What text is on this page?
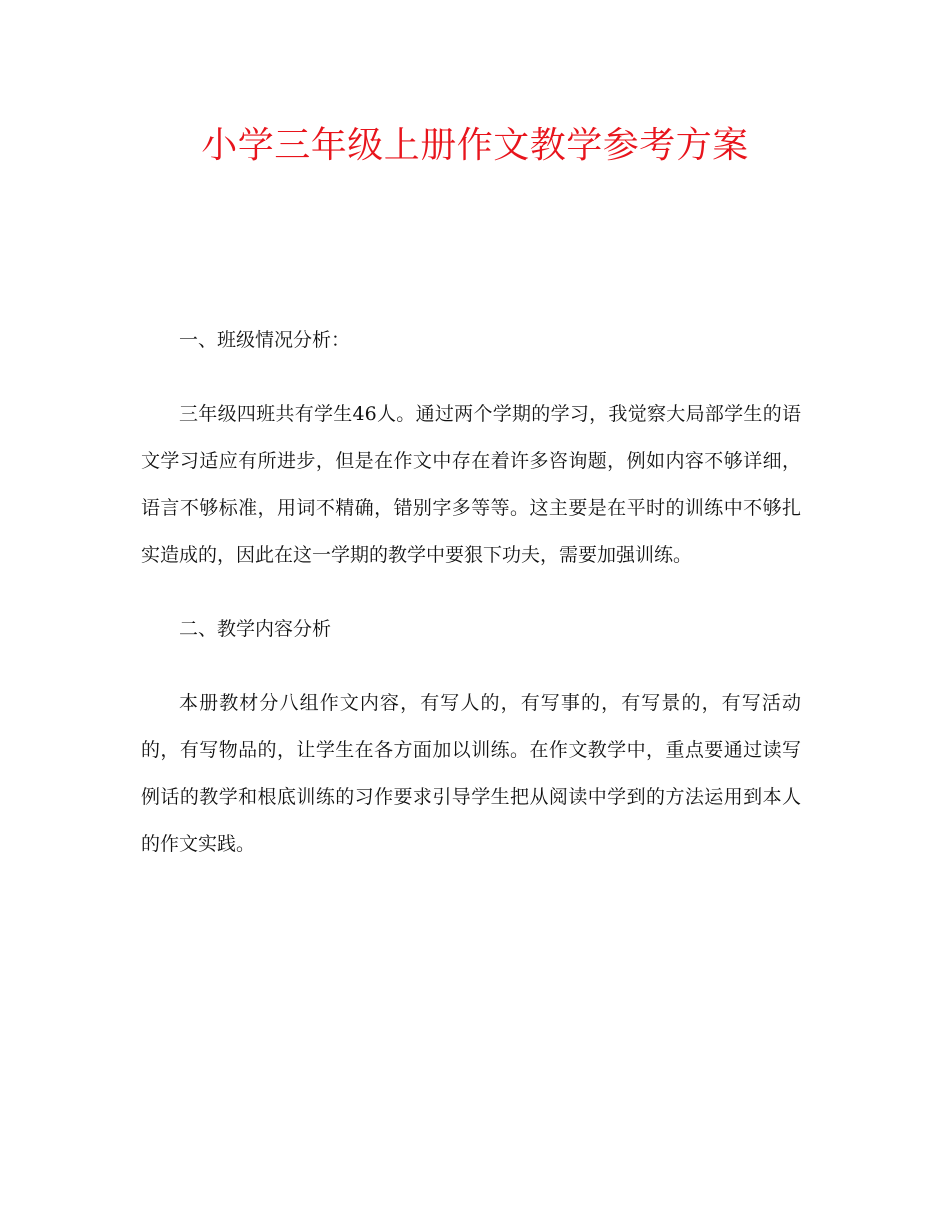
小学三年级上册作文教学参考方案

一、班级情况分析：

三年级四班共有学生46人。通过两个学期的学习，我觉察大局部学生的语文学习适应有所进步，但是在作文中存在着许多咨询题，例如内容不够详细，语言不够标准，用词不精确，错别字多等等。这主要是在平时的训练中不够扎实造成的，因此在这一学期的教学中要狠下功夫，需要加强训练。

二、教学内容分析

本册教材分八组作文内容，有写人的，有写事的，有写景的，有写活动的，有写物品的，让学生在各方面加以训练。在作文教学中，重点要通过读写例话的教学和根底训练的习作要求引导学生把从阅读中学到的方法运用到本人的作文实践。
